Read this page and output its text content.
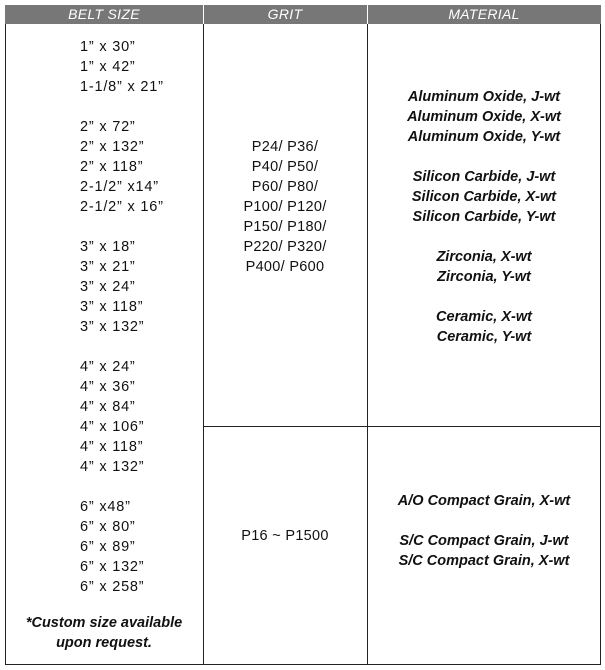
BELT SIZE	GRIT	MATERIAL
1” x 30”
1” x 42”
1-1/8” x 21”
2” x 72”
2” x 132”
2” x 118”
2-1/2” x14”
2-1/2” x 16”
3” x 18”
3” x 21”
3” x 24”
3” x 118”
3” x 132”
4” x 24”
4” x 36”
4” x 84”
4” x 106”
4” x 118”
4” x 132”
6” x48”
6” x 80”
6” x 89”
6” x 132”
6” x 258”
*Custom size available
upon request.
P24/ P36/
P40/ P50/
P60/ P80/
P100/ P120/
P150/ P180/
P220/ P320/
P400/ P600
P16 ~ P1500
Aluminum Oxide, J-wt
Aluminum Oxide, X-wt
Aluminum Oxide, Y-wt
Silicon Carbide, J-wt
Silicon Carbide, X-wt
Silicon Carbide, Y-wt
Zirconia, X-wt
Zirconia, Y-wt
Ceramic, X-wt
Ceramic, Y-wt
A/O Compact Grain, X-wt
S/C Compact Grain, J-wt
S/C Compact Grain, X-wt
